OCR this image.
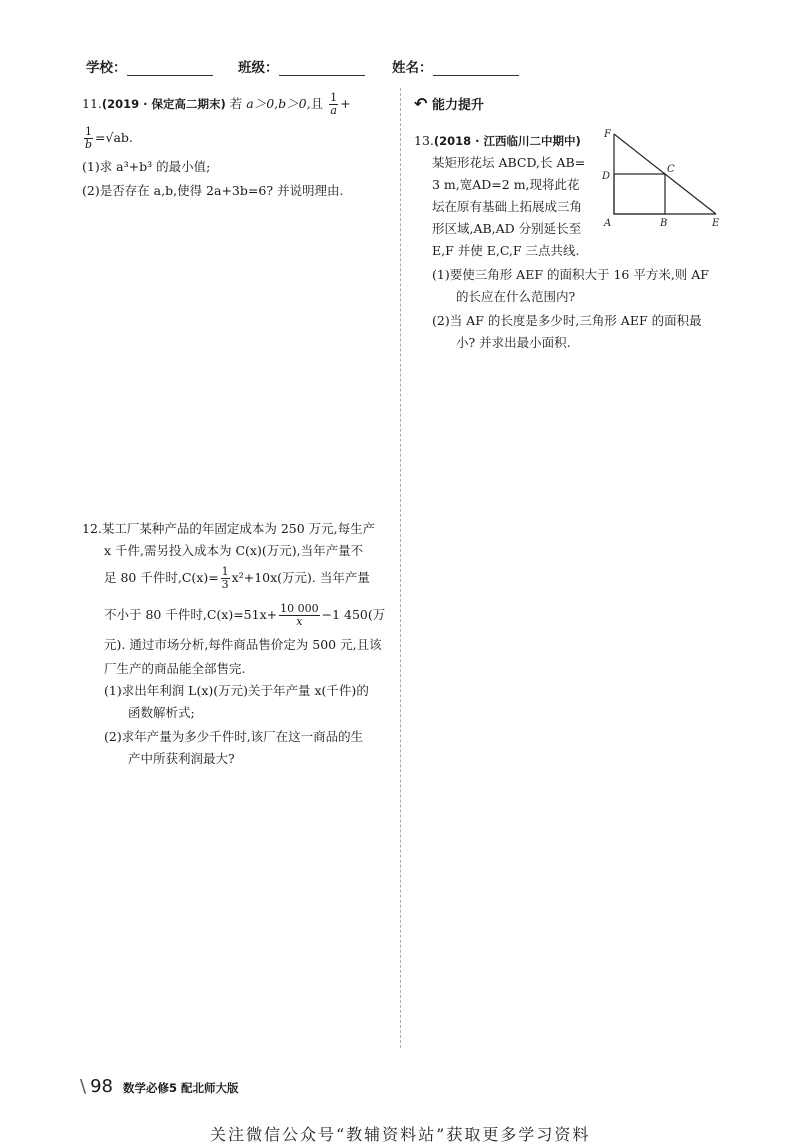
学校：	班级：	姓名：
11.(2019 · 保定高二期末) 若 a＞0,b＞0,且 $\frac{1}{a}$ +
$\frac{1}{b} =√ab$.
(1)求 a³+b³ 的最小值;
(2)是否存在 a,b,使得 2a+3b=6? 并说明理由.
12.某工厂某种产品的年固定成本为 250 万元,每生产
x 千件,需另投入成本为 C(x)(万元),当年产量不
足 80 千件时$,C(x)= \frac{1}{3} x^2+10x$(万元). 当年产量
不小于 80 千件时$,C(x)=51x+ \frac{10 000}{x} -1$ 450(万
元). 通过市场分析,每件商品售价定为 500 元,且该
厂生产的商品能全部售完.
(1)求出年利润 L(x)(万元)关于年产量 x(千件)的
函数解析式;
(2)求年产量为多少千件时,该厂在这一商品的生
产中所获利润最大?
↶ 能力提升
13.(2018 · 江西临川二中期中)
某矩形花坛 ABCD,长 AB=
3 m,宽AD=2 m,现将此花
坛在原有基础上拓展成三角
形区域,AB,AD 分别延长至
E,F 并使 E,C,F 三点共线.
(1)要使三角形 AEF 的面积大于 16 平方米,则 AF
的长应在什么范围内?
(2)当 AF 的长度是多少时,三角形 AEF 的面积最
小? 并求出最小面积.
A	B
C
D
E
F
\ 98 数学必修5 配北师大版
关注微信公众号“教辅资料站”获取更多学习资料
